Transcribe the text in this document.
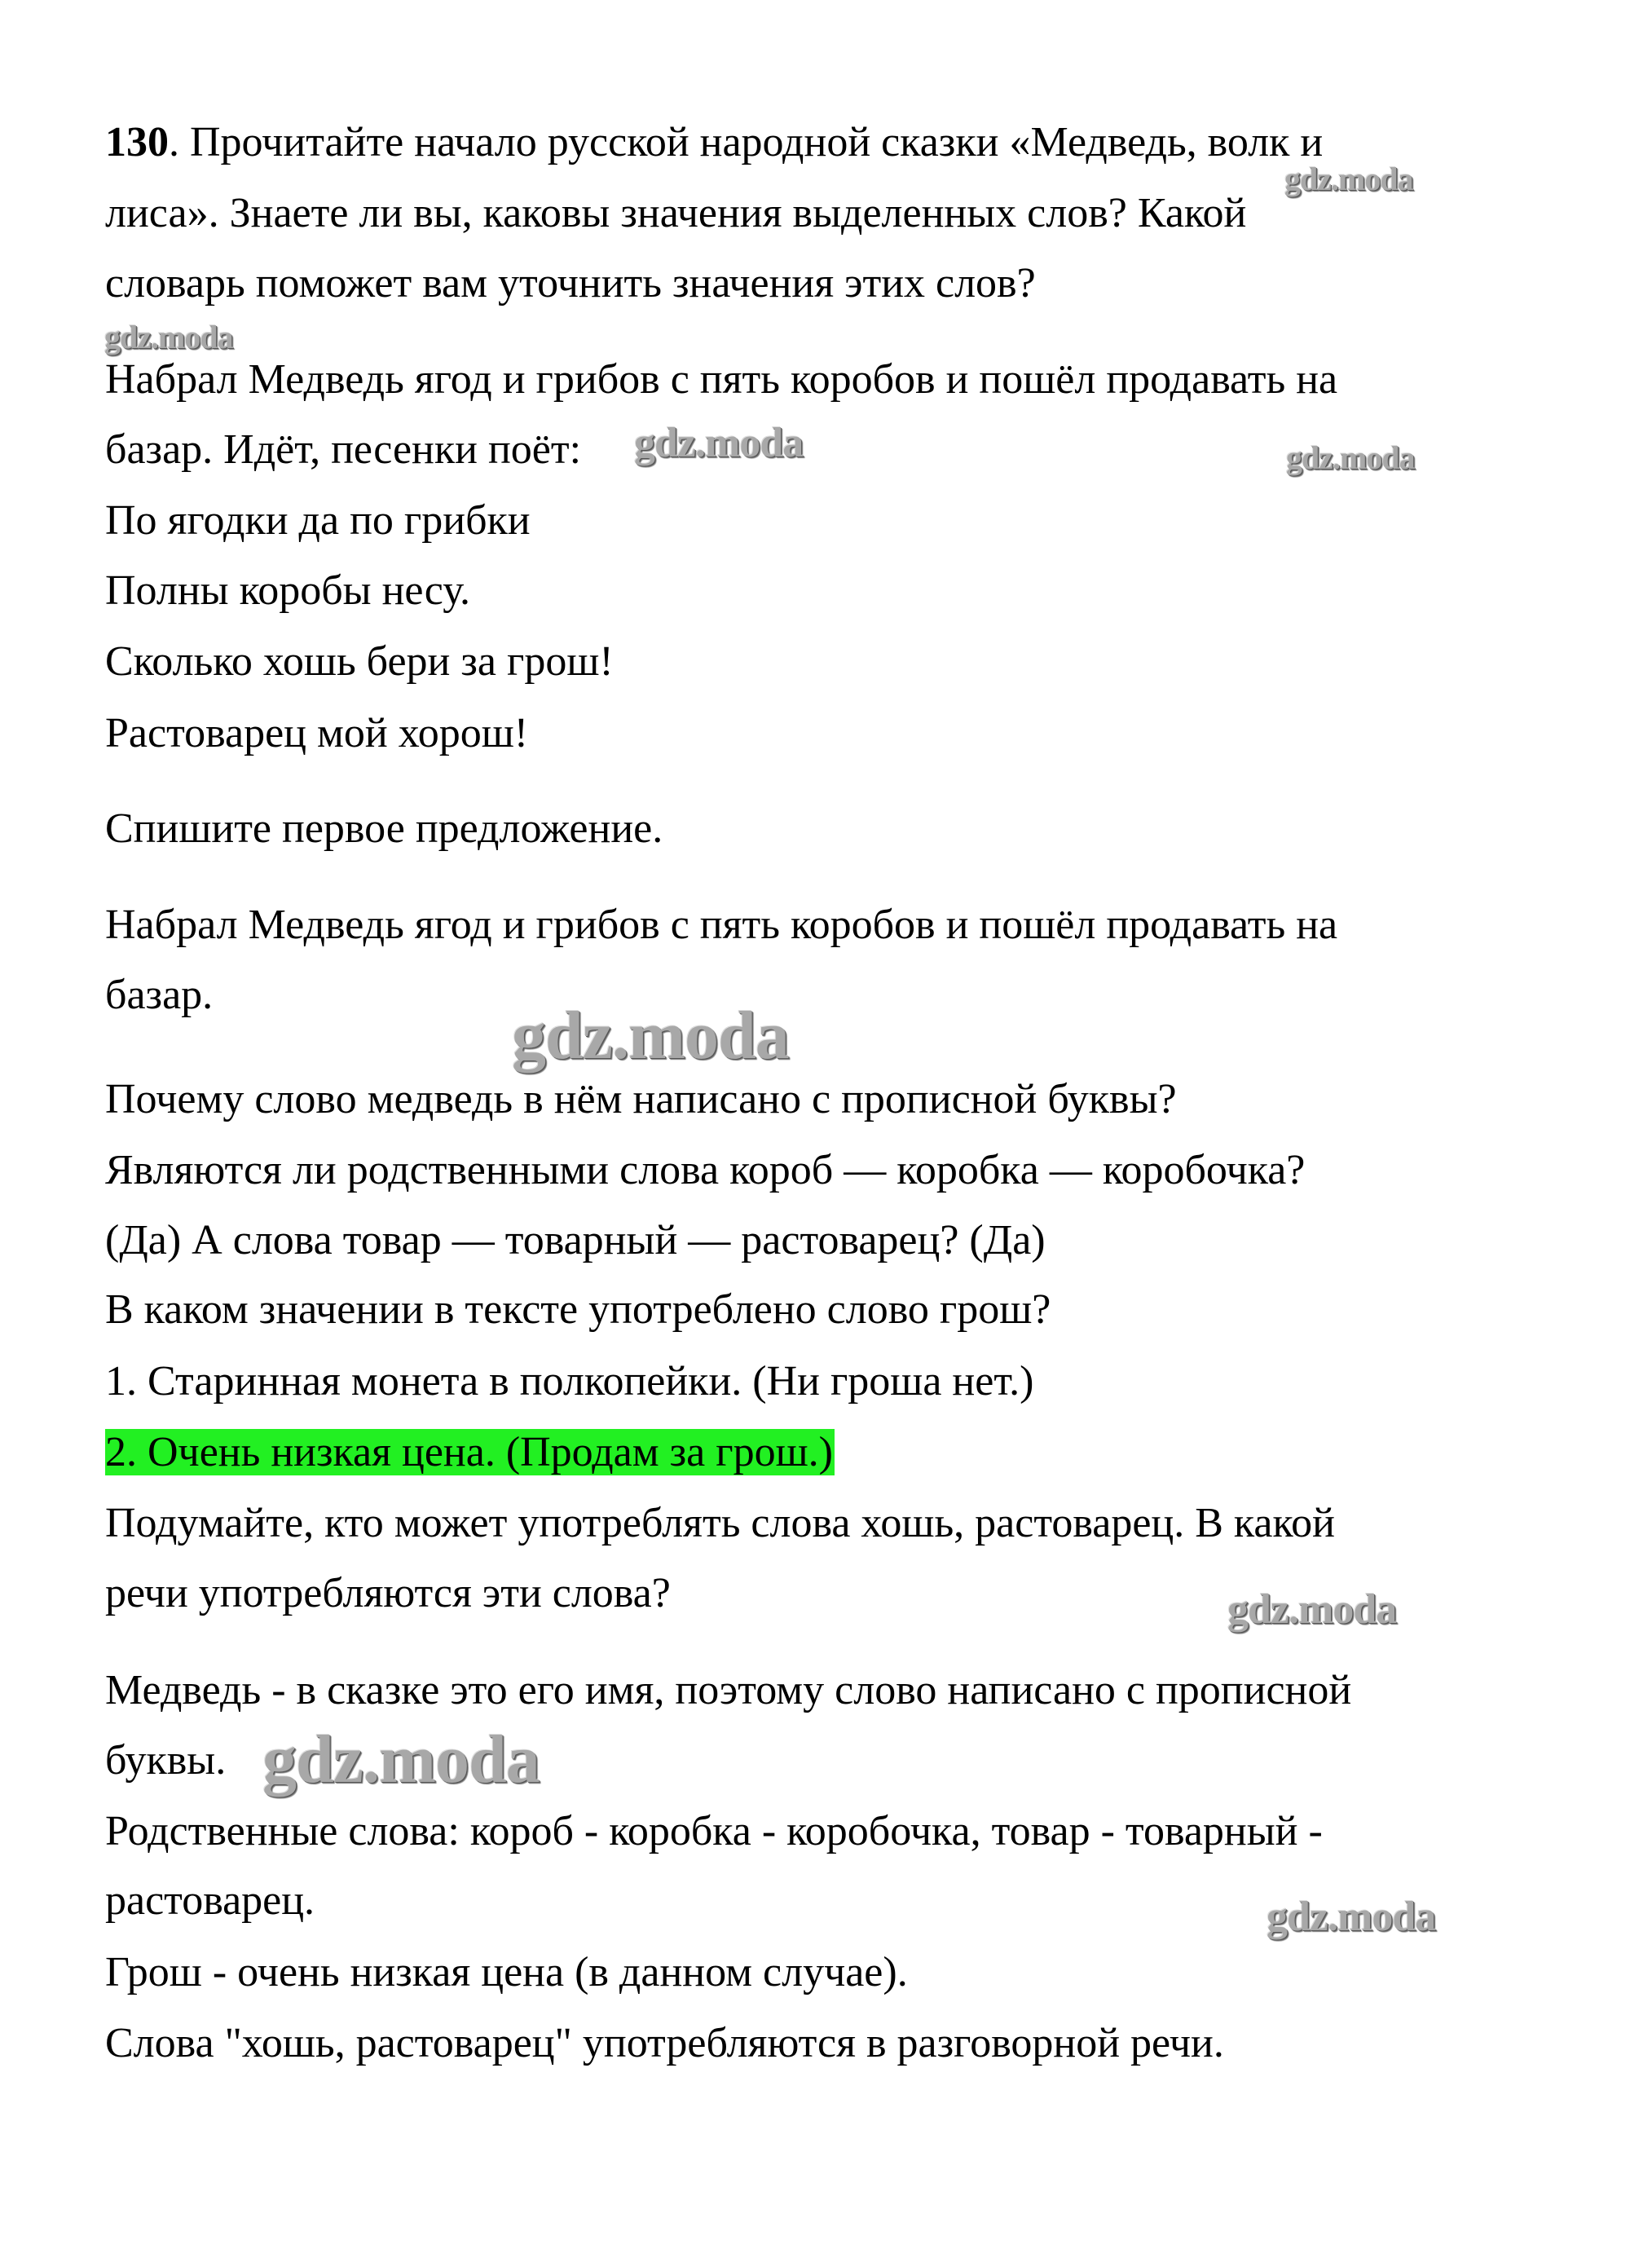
130. Прочитайте начало русской народной сказки «Медведь, волк и
лиса». Знаете ли вы, каковы значения выделенных слов? Какой
словарь поможет вам уточнить значения этих слов?
Набрал Медведь ягод и грибов с пять коробов и пошёл продавать на
базар. Идёт, песенки поёт:
По ягодки да по грибки
Полны коробы несу.
Сколько хошь бери за грош!
Растоварец мой хорош!
Спишите первое предложение.
Набрал Медведь ягод и грибов с пять коробов и пошёл продавать на
базар.
Почему слово медведь в нём написано с прописной буквы?
Являются ли родственными слова короб — коробка — коробочка?
(Да) А слова товар — товарный — растоварец? (Да)
В каком значении в тексте употреблено слово грош?
1. Старинная монета в полкопейки. (Ни гроша нет.)
2. Очень низкая цена. (Продам за грош.)
Подумайте, кто может употреблять слова хошь, растоварец. В какой
речи употребляются эти слова?
Медведь - в сказке это его имя, поэтому слово написано с прописной
буквы.
Родственные слова: короб - коробка - коробочка, товар - товарный -
растоварец.
Грош - очень низкая цена (в данном случае).
Слова "хошь, растоварец" употребляются в разговорной речи.
gdz.moda
gdz.moda
gdz.moda	gdz.moda
gdz.moda
gdz.moda
gdz.moda
gdz.moda
